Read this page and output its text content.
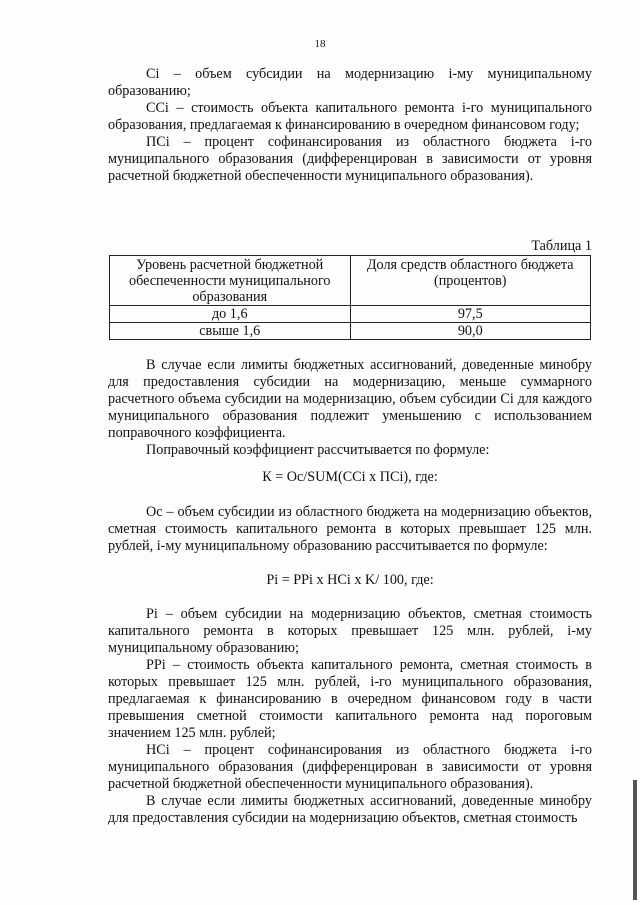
18

Ci – объем субсидии на модернизацию i-му муниципальному образованию;

CCi – стоимость объекта капитального ремонта i-го муниципального образования, предлагаемая к финансированию в очередном финансовом году;

ПCi – процент софинансирования из областного бюджета i-го муниципального образования (дифференцирован в зависимости от уровня расчетной бюджетной обеспеченности муниципального образования).

Таблица 1
Уровень расчетной бюджетной обеспеченности муниципального образования	Доля средств областного бюджета (процентов)
до 1,6	97,5
свыше 1,6	90,0

В случае если лимиты бюджетных ассигнований, доведенные минобру для предоставления субсидии на модернизацию, меньше суммарного расчетного объема субсидии на модернизацию, объем субсидии Ci для каждого муниципального образования подлежит уменьшению с использованием поправочного коэффициента.

Поправочный коэффициент рассчитывается по формуле:

К = Ос/SUM(CCi х ПCi), где:

Ос – объем субсидии из областного бюджета на модернизацию объектов, сметная стоимость капитального ремонта в которых превышает 125 млн. рублей, i-му муниципальному образованию рассчитывается по формуле:

Pi = PPi х HCi х K/ 100, где:

Pi – объем субсидии на модернизацию объектов, сметная стоимость капитального ремонта в которых превышает 125 млн. рублей, i-му муниципальному образованию;

PPi – стоимость объекта капитального ремонта, сметная стоимость в которых превышает 125 млн. рублей, i-го муниципального образования, предлагаемая к финансированию в очередном финансовом году в части превышения сметной стоимости капитального ремонта над пороговым значением 125 млн. рублей;

HCi – процент софинансирования из областного бюджета i-го муниципального образования (дифференцирован в зависимости от уровня расчетной бюджетной обеспеченности муниципального образования).

В случае если лимиты бюджетных ассигнований, доведенные минобру для предоставления субсидии на модернизацию объектов, сметная стоимость
